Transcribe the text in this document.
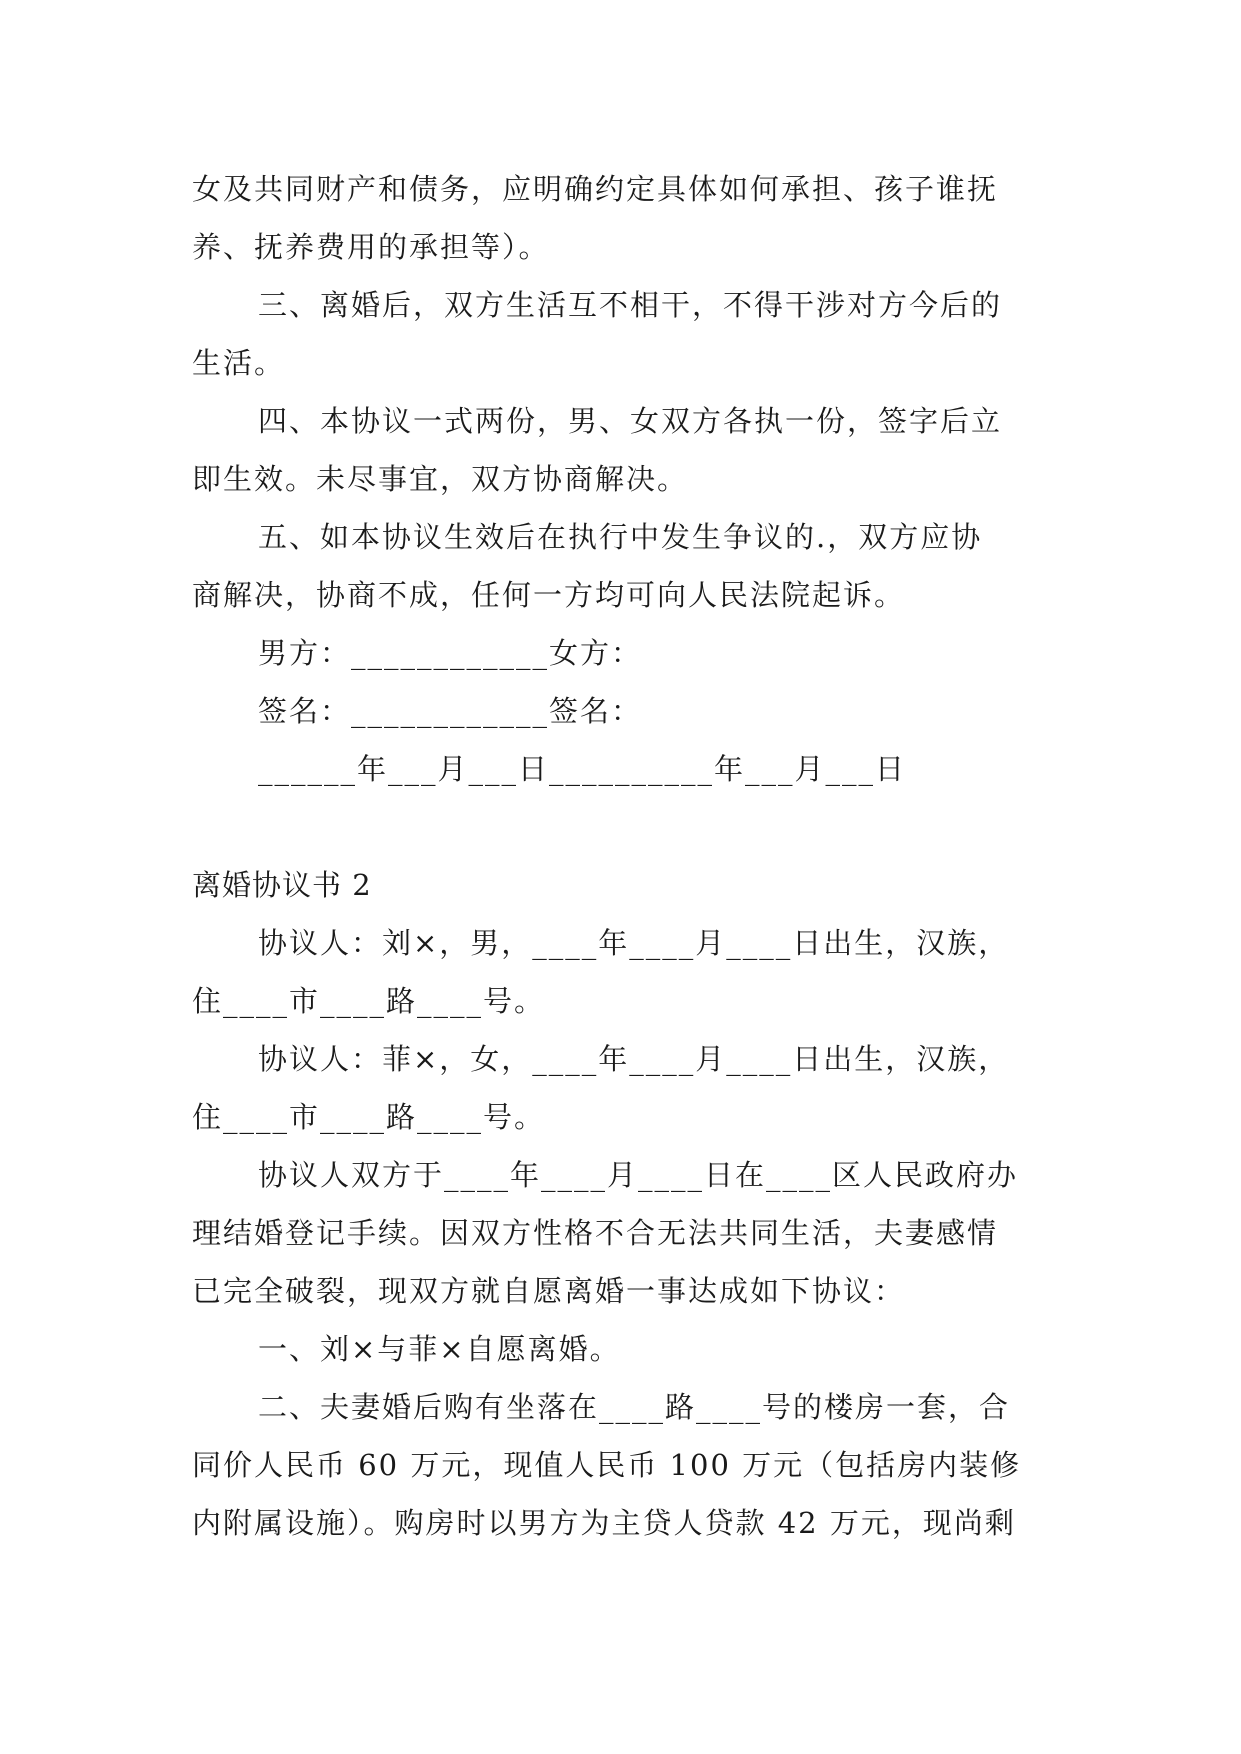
女及共同财产和债务，应明确约定具体如何承担、孩子谁抚
养、抚养费用的承担等）。
三、离婚后，双方生活互不相干，不得干涉对方今后的
生活。
四、本协议一式两份，男、女双方各执一份，签字后立
即生效。未尽事宜，双方协商解决。
五、如本协议生效后在执行中发生争议的.，双方应协
商解决，协商不成，任何一方均可向人民法院起诉。
男方：____________女方：
签名：____________签名：
______年___月___日__________年___月___日
离婚协议书 2
协议人：刘×，男，____年____月____日出生，汉族，
住____市____路____号。
协议人：菲×，女，____年____月____日出生，汉族，
住____市____路____号。
协议人双方于____年____月____日在____区人民政府办
理结婚登记手续。因双方性格不合无法共同生活，夫妻感情
已完全破裂，现双方就自愿离婚一事达成如下协议：
一、刘×与菲×自愿离婚。
二、夫妻婚后购有坐落在____路____号的楼房一套，合
同价人民币 60 万元，现值人民币 100 万元（包括房内装修
内附属设施）。购房时以男方为主贷人贷款 42 万元，现尚剩
